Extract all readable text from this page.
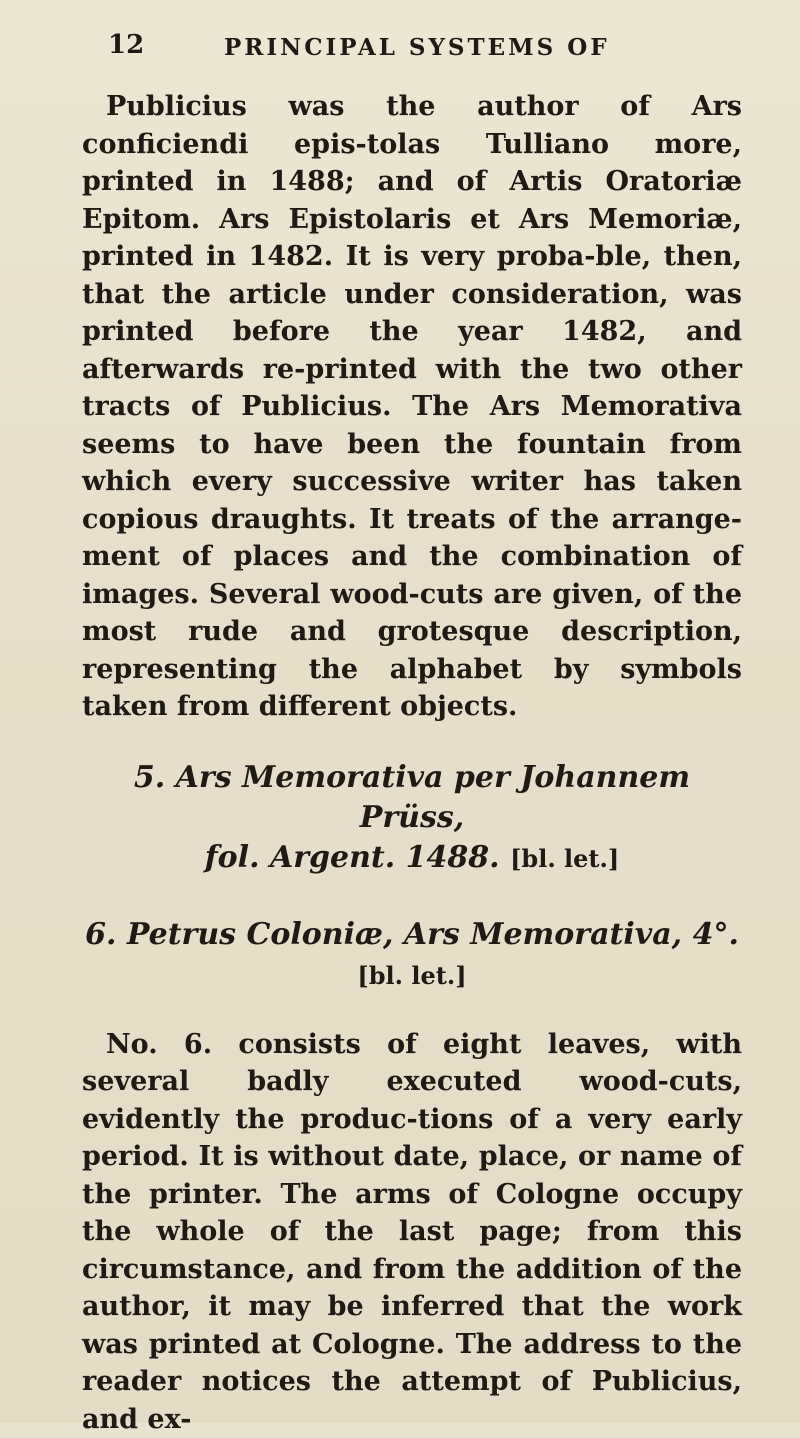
12	PRINCIPAL SYSTEMS OF

Publicius was the author of Ars conficiendi epis-tolas Tulliano more, printed in 1488; and of Artis Oratoriæ Epitom. Ars Epistolaris et Ars Memoriæ, printed in 1482. It is very proba-ble, then, that the article under consideration, was printed before the year 1482, and afterwards re-printed with the two other tracts of Publicius. The Ars Memorativa seems to have been the fountain from which every successive writer has taken copious draughts. It treats of the arrange-ment of places and the combination of images. Several wood-cuts are given, of the most rude and grotesque description, representing the alphabet by symbols taken from different objects.

5. Ars Memorativa per Johannem Prüss,
fol. Argent. 1488. [bl. let.]

6. Petrus Coloniæ, Ars Memorativa, 4°.
[bl. let.]

No. 6. consists of eight leaves, with several badly executed wood-cuts, evidently the produc-tions of a very early period. It is without date, place, or name of the printer. The arms of Cologne occupy the whole of the last page; from this circumstance, and from the addition of the author, it may be inferred that the work was printed at Cologne. The address to the reader notices the attempt of Publicius, and ex-
